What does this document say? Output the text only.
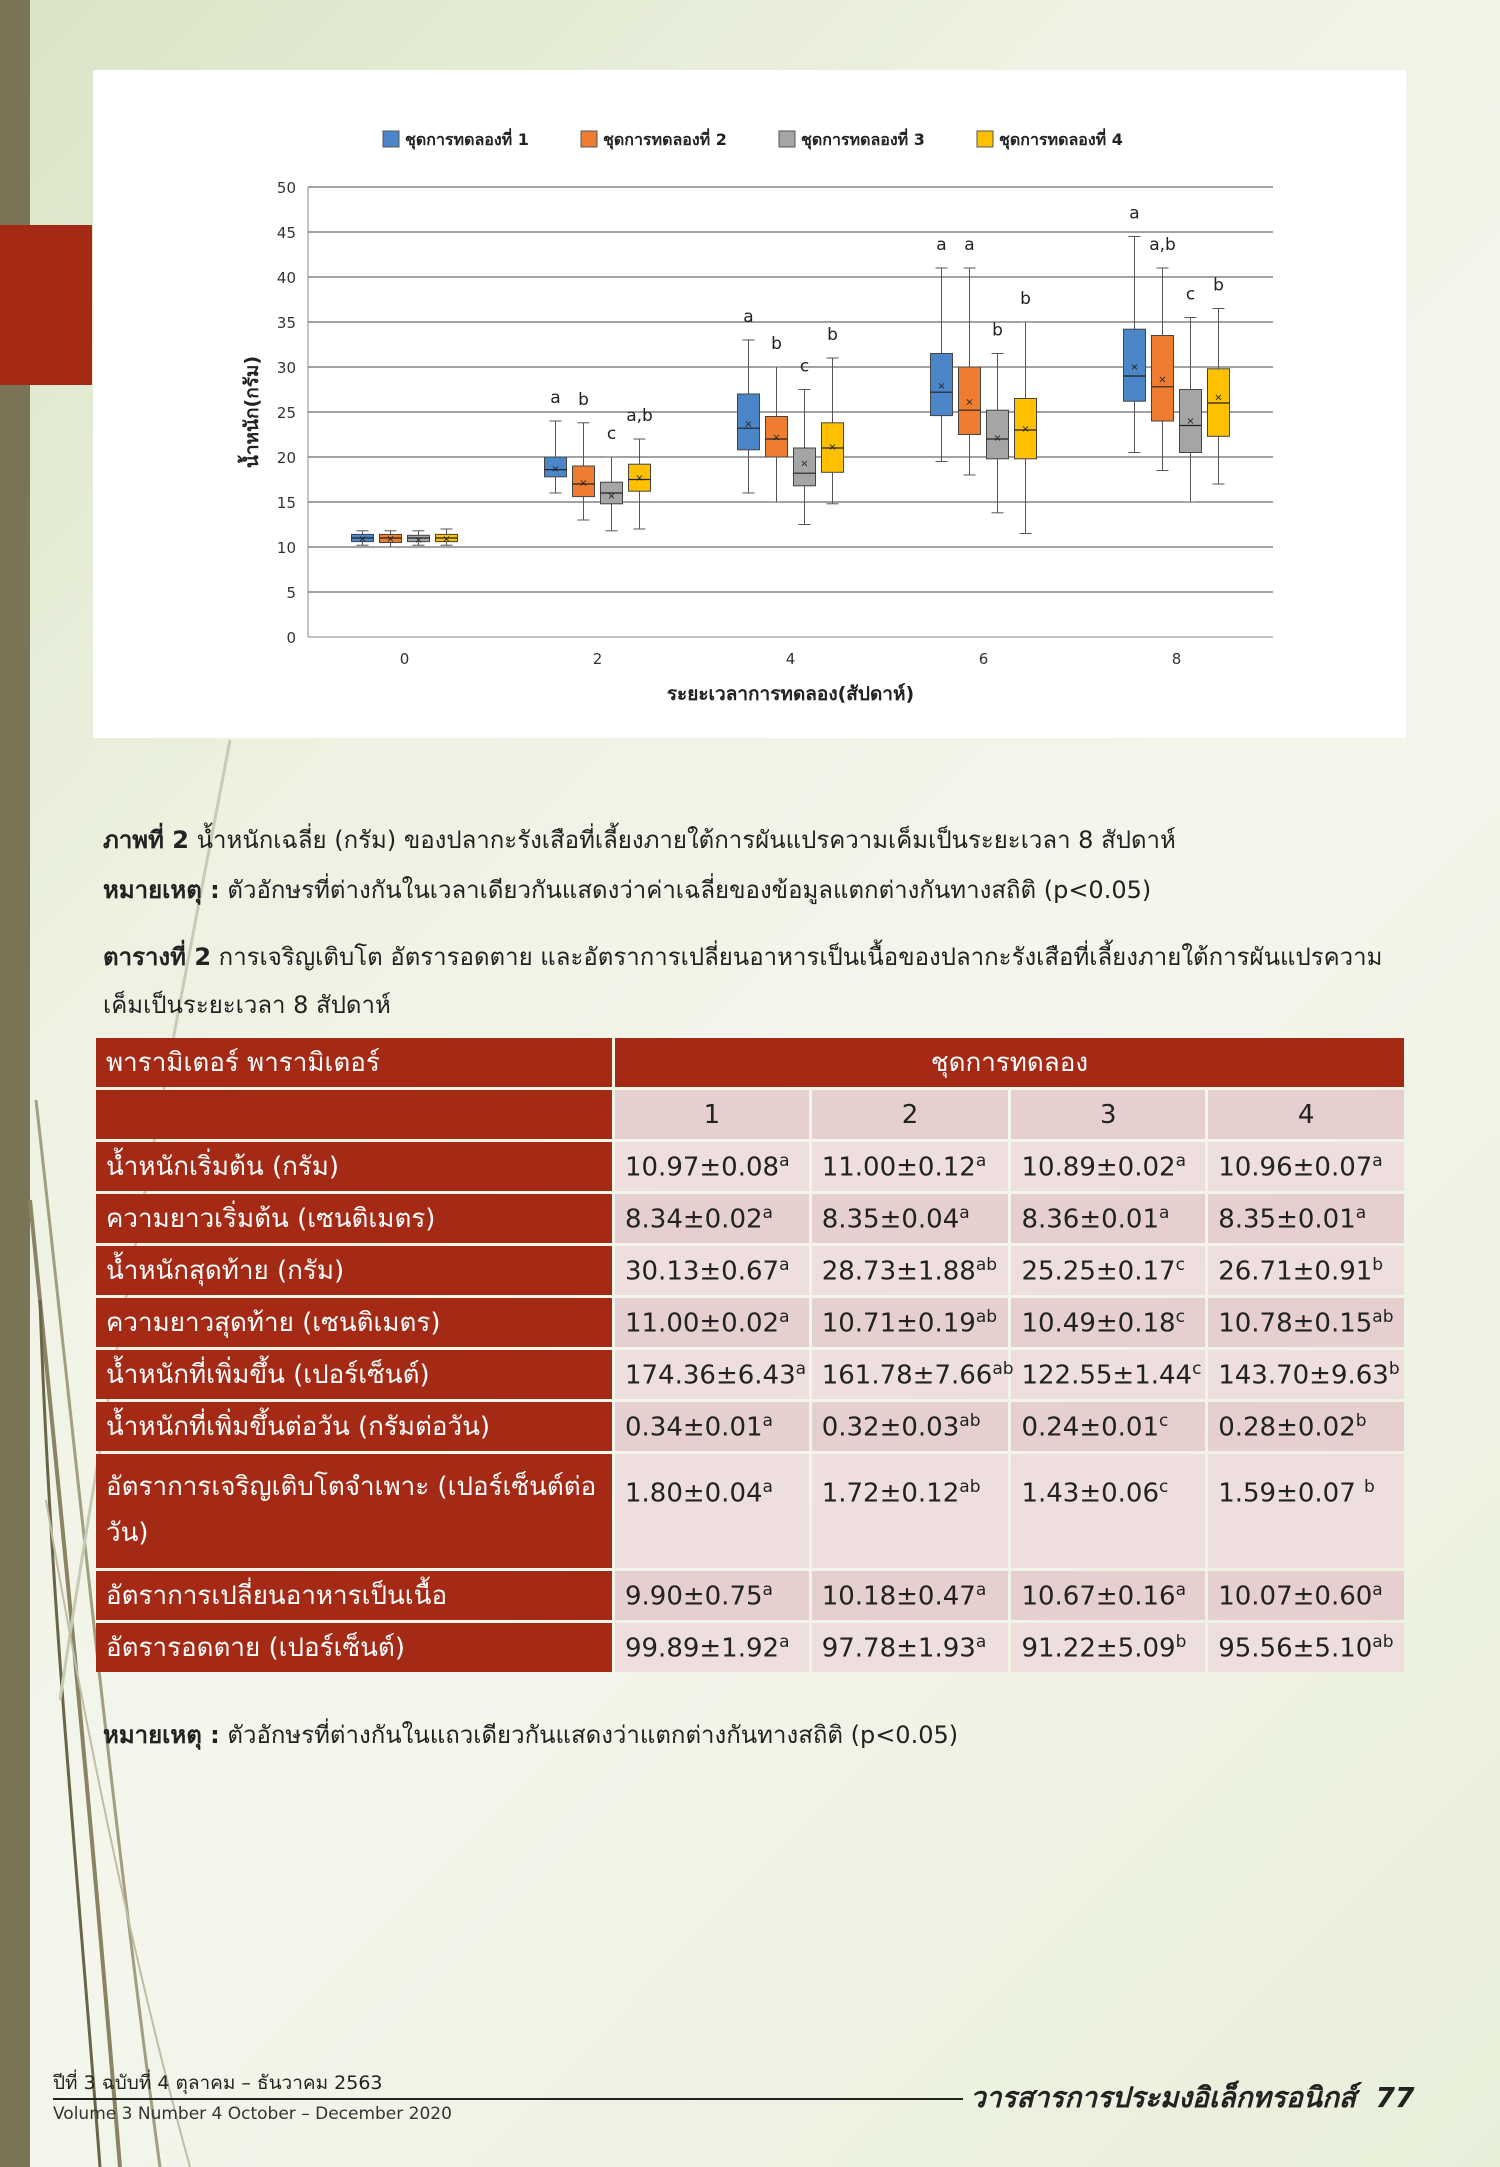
0
5
10
15
20
25
30
35
40
45
50
0	2	4	6	8
ระยะเวลาการทดลอง(สัปดาห์)
น้ำหนัก(กรัม)
ชุดการทดลองที่ 1	ชุดการทดลองที่ 2	ชุดการทดลองที่ 3	ชุดการทดลองที่ 4
× × × ×
×
a
×
b
×
c
×
a,b	×
a
×
b
×
c
×
b
×
a
×
a
×
b
×
b
×
a
×
a,b
×
c
×
b
ภาพที่ 2 น้ำหนักเฉลี่ย (กรัม) ของปลากะรังเสือที่เลี้ยงภายใต้การผันแปรความเค็มเป็นระยะเวลา 8 สัปดาห์
หมายเหตุ : ตัวอักษรที่ต่างกันในเวลาเดียวกันแสดงว่าค่าเฉลี่ยของข้อมูลแตกต่างกันทางสถิติ (p<0.05)
ตารางที่ 2 การเจริญเติบโต อัตรารอดตาย และอัตราการเปลี่ยนอาหารเป็นเนื้อของปลากะรังเสือที่เลี้ยงภายใต้การผันแปรความ
เค็มเป็นระยะเวลา 8 สัปดาห์
พารามิเตอร์ พารามิเตอร์	ชุดการทดลอง			
	1	2	3	4
น้ำหนักเริ่มต้น (กรัม)	10.97±0.08$^a$	11.00±0.12$^a$	10.89±0.02$^a$	10.96±0.07$^a$
ความยาวเริ่มต้น (เซนติเมตร)	8.34±0.02$^a$	8.35±0.04$^a$	8.36±0.01$^a$	8.35±0.01$^a$
น้ำหนักสุดท้าย (กรัม)	30.13±0.67$^a$	28.73±1.88$^{ab}$	25.25±0.17$^c$	26.71±0.91$^b$
ความยาวสุดท้าย (เซนติเมตร)	11.00±0.02$^a$	10.71±0.19$^{ab}$	10.49±0.18$^c$	10.78±0.15$^{ab}$
น้ำหนักที่เพิ่มขึ้น (เปอร์เซ็นต์)	174.36±6.43$^a$	161.78±7.66$^{ab}$	122.55±1.44$^c$	143.70±9.63$^b$
น้ำหนักที่เพิ่มขึ้นต่อวัน (กรัมต่อวัน)	0.34±0.01$^a$	0.32±0.03$^{ab}$	0.24±0.01$^c$	0.28±0.02$^b$
อัตราการเจริญเติบโตจำเพาะ (เปอร์เซ็นต์ต่อวัน)	1.80±0.04$^a$	1.72±0.12$^{ab}$	1.43±0.06$^c$	1.59±0.07 $^b$
อัตราการเปลี่ยนอาหารเป็นเนื้อ	9.90±0.75$^a$	10.18±0.47$^a$	10.67±0.16$^a$	10.07±0.60$^a$
อัตรารอดตาย (เปอร์เซ็นต์)	99.89±1.92$^a$	97.78±1.93$^a$	91.22±5.09$^b$	95.56±5.10$^{ab}$
หมายเหตุ : ตัวอักษรที่ต่างกันในแถวเดียวกันแสดงว่าแตกต่างกันทางสถิติ (p<0.05)
ปีที่ 3 ฉบับที่ 4 ตุลาคม – ธันวาคม 2563
Volume 3 Number 4 October – December 2020	วารสารการประมงอิเล็กทรอนิกส์ 77
